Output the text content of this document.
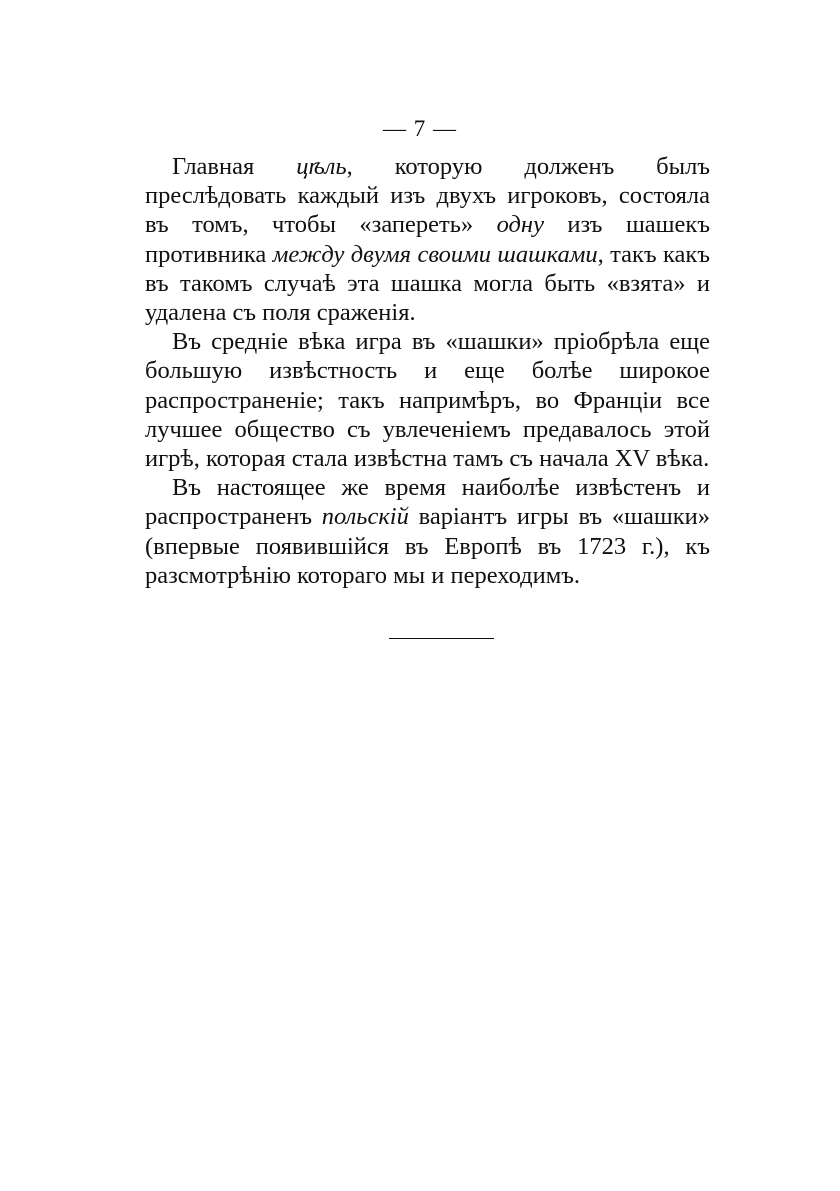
— 7 —

Главная цѣль, которую долженъ былъ преслѣдовать каждый изъ двухъ игроковъ, состояла въ томъ, чтобы «запереть» одну изъ шашекъ противника между двумя своими шашками, такъ какъ въ такомъ случаѣ эта шашка могла быть «взята» и удалена съ поля сраженія.

Въ средніе вѣка игра въ «шашки» пріобрѣла еще большую извѣстность и еще болѣе широкое распространеніе; такъ напримѣръ, во Франціи все лучшее общество съ увлеченіемъ предавалось этой игрѣ, которая стала извѣстна тамъ съ начала XV вѣка.

Въ настоящее же время наиболѣе извѣстенъ и распространенъ польскій варіантъ игры въ «шашки» (впервые появившійся въ Европѣ въ 1723 г.), къ разсмотрѣнію котораго мы и переходимъ.
